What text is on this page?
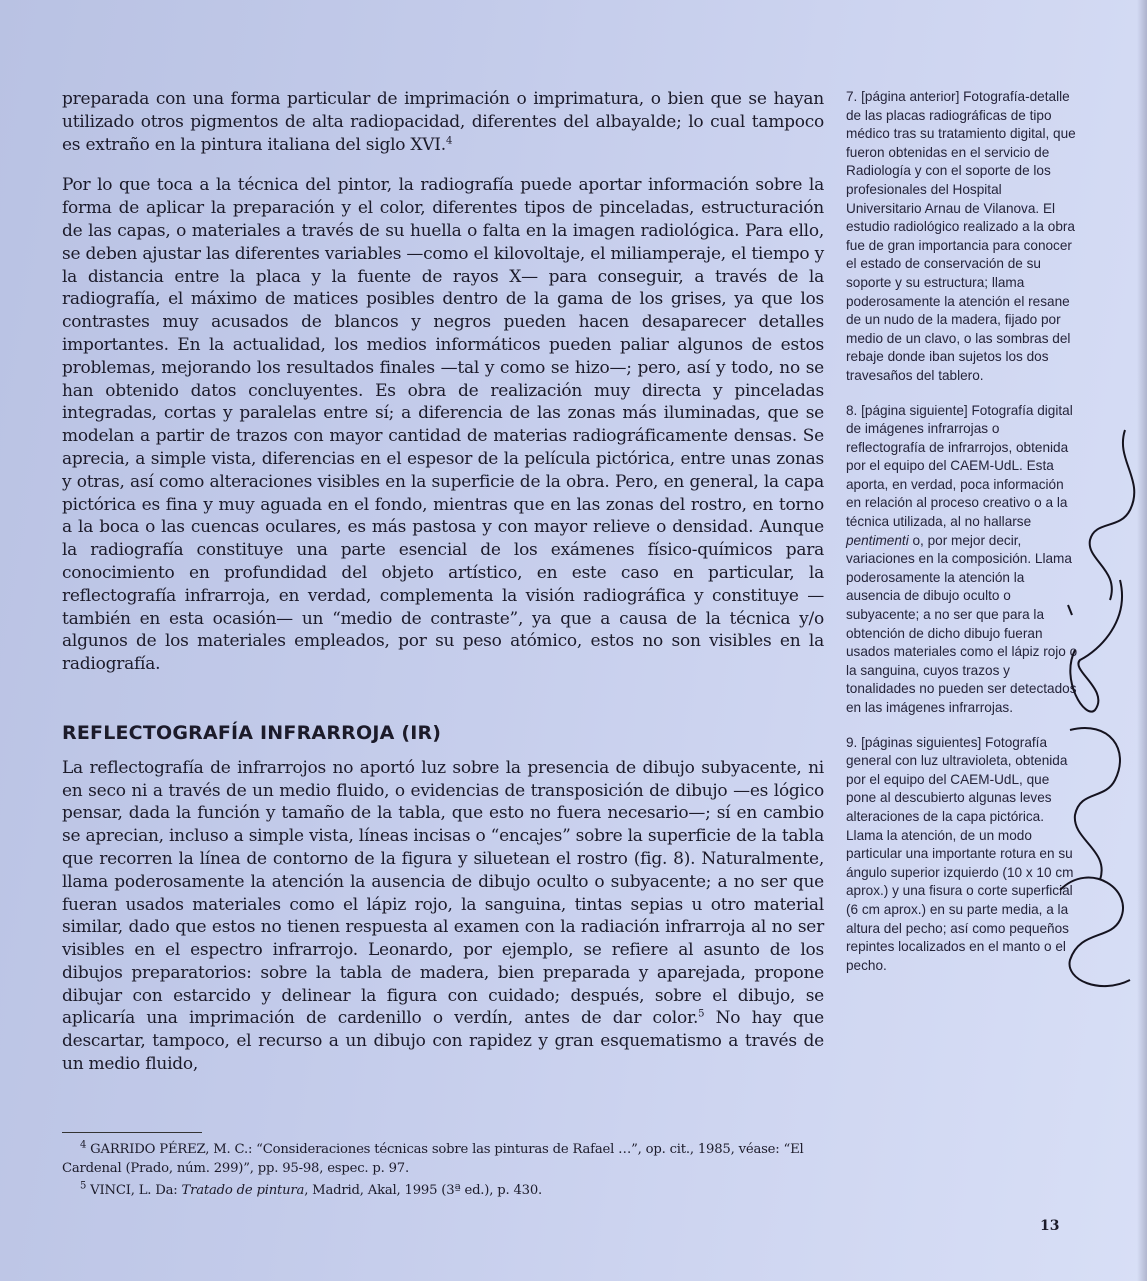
preparada con una forma particular de imprimación o imprimatura, o bien que se hayan utilizado otros pigmentos de alta radiopacidad, diferentes del albayalde; lo cual tampoco es extraño en la pintura italiana del siglo XVI.$^4$

Por lo que toca a la técnica del pintor, la radiografía puede aportar información sobre la forma de aplicar la preparación y el color, diferentes tipos de pinceladas, estructuración de las capas, o materiales a través de su huella o falta en la imagen radiológica. Para ello, se deben ajustar las diferentes variables —como el kilovoltaje, el miliamperaje, el tiempo y la distancia entre la placa y la fuente de rayos X— para conseguir, a través de la radiografía, el máximo de matices posibles dentro de la gama de los grises, ya que los contrastes muy acusados de blancos y negros pueden hacen desaparecer detalles importantes. En la actualidad, los medios informáticos pueden paliar algunos de estos problemas, mejorando los resultados finales —tal y como se hizo—; pero, así y todo, no se han obtenido datos concluyentes. Es obra de realización muy directa y pinceladas integradas, cortas y paralelas entre sí; a diferencia de las zonas más iluminadas, que se modelan a partir de trazos con mayor cantidad de materias radiográficamente densas. Se aprecia, a simple vista, diferencias en el espesor de la película pictórica, entre unas zonas y otras, así como alteraciones visibles en la superficie de la obra. Pero, en general, la capa pictórica es fina y muy aguada en el fondo, mientras que en las zonas del rostro, en torno a la boca o las cuencas oculares, es más pastosa y con mayor relieve o densidad. Aunque la radiografía constituye una parte esencial de los exámenes físico-químicos para conocimiento en profundidad del objeto artístico, en este caso en particular, la reflectografía infrarroja, en verdad, complementa la visión radiográfica y constituye —también en esta ocasión— un “medio de contraste”, ya que a causa de la técnica y/o algunos de los materiales empleados, por su peso atómico, estos no son visibles en la radiografía.

REFLECTOGRAFÍA INFRARROJA (IR)

La reflectografía de infrarrojos no aportó luz sobre la presencia de dibujo subyacente, ni en seco ni a través de un medio fluido, o evidencias de transposición de dibujo —es lógico pensar, dada la función y tamaño de la tabla, que esto no fuera necesario—; sí en cambio se aprecian, incluso a simple vista, líneas incisas o “encajes” sobre la superficie de la tabla que recorren la línea de contorno de la figura y siluetean el rostro (fig. 8). Naturalmente, llama poderosamente la atención la ausencia de dibujo oculto o subyacente; a no ser que fueran usados materiales como el lápiz rojo, la sanguina, tintas sepias u otro material similar, dado que estos no tienen respuesta al examen con la radiación infrarroja al no ser visibles en el espectro infrarrojo. Leonardo, por ejemplo, se refiere al asunto de los dibujos preparatorios: sobre la tabla de madera, bien preparada y aparejada, propone dibujar con estarcido y delinear la figura con cuidado; después, sobre el dibujo, se aplicaría una imprimación de cardenillo o verdín, antes de dar color.$^5$ No hay que descartar, tampoco, el recurso a un dibujo con rapidez y gran esquematismo a través de un medio fluido,

$^4$ GARRIDO PÉREZ, M. C.: “Consideraciones técnicas sobre las pinturas de Rafael …”, op. cit., 1985, véase: “El Cardenal (Prado, núm. 299)”, pp. 95-98, espec. p. 97.

$^5$ VINCI, L. Da: Tratado de pintura, Madrid, Akal, 1995 (3ª ed.), p. 430.

7. [página anterior] Fotografía-detalle de las placas radiográficas de tipo médico tras su tratamiento digital, que fueron obtenidas en el servicio de Radiología y con el soporte de los profesionales del Hospital Universitario Arnau de Vilanova. El estudio radiológico realizado a la obra fue de gran importancia para conocer el estado de conservación de su soporte y su estructura; llama poderosamente la atención el resane de un nudo de la madera, fijado por medio de un clavo, o las sombras del rebaje donde iban sujetos los dos travesaños del tablero.

8. [página siguiente] Fotografía digital de imágenes infrarrojas o reflectografía de infrarrojos, obtenida por el equipo del CAEM-UdL. Esta aporta, en verdad, poca información en relación al proceso creativo o a la técnica utilizada, al no hallarse pentimenti o, por mejor decir, variaciones en la composición. Llama poderosamente la atención la ausencia de dibujo oculto o subyacente; a no ser que para la obtención de dicho dibujo fueran usados materiales como el lápiz rojo o la sanguina, cuyos trazos y tonalidades no pueden ser detectados en las imágenes infrarrojas.

9. [páginas siguientes] Fotografía general con luz ultravioleta, obtenida por el equipo del CAEM-UdL, que pone al descubierto algunas leves alteraciones de la capa pictórica. Llama la atención, de un modo particular una importante rotura en su ángulo superior izquierdo (10 x 10 cm aprox.) y una fisura o corte superficial (6 cm aprox.) en su parte media, a la altura del pecho; así como pequeños repintes localizados en el manto o el pecho.

13
